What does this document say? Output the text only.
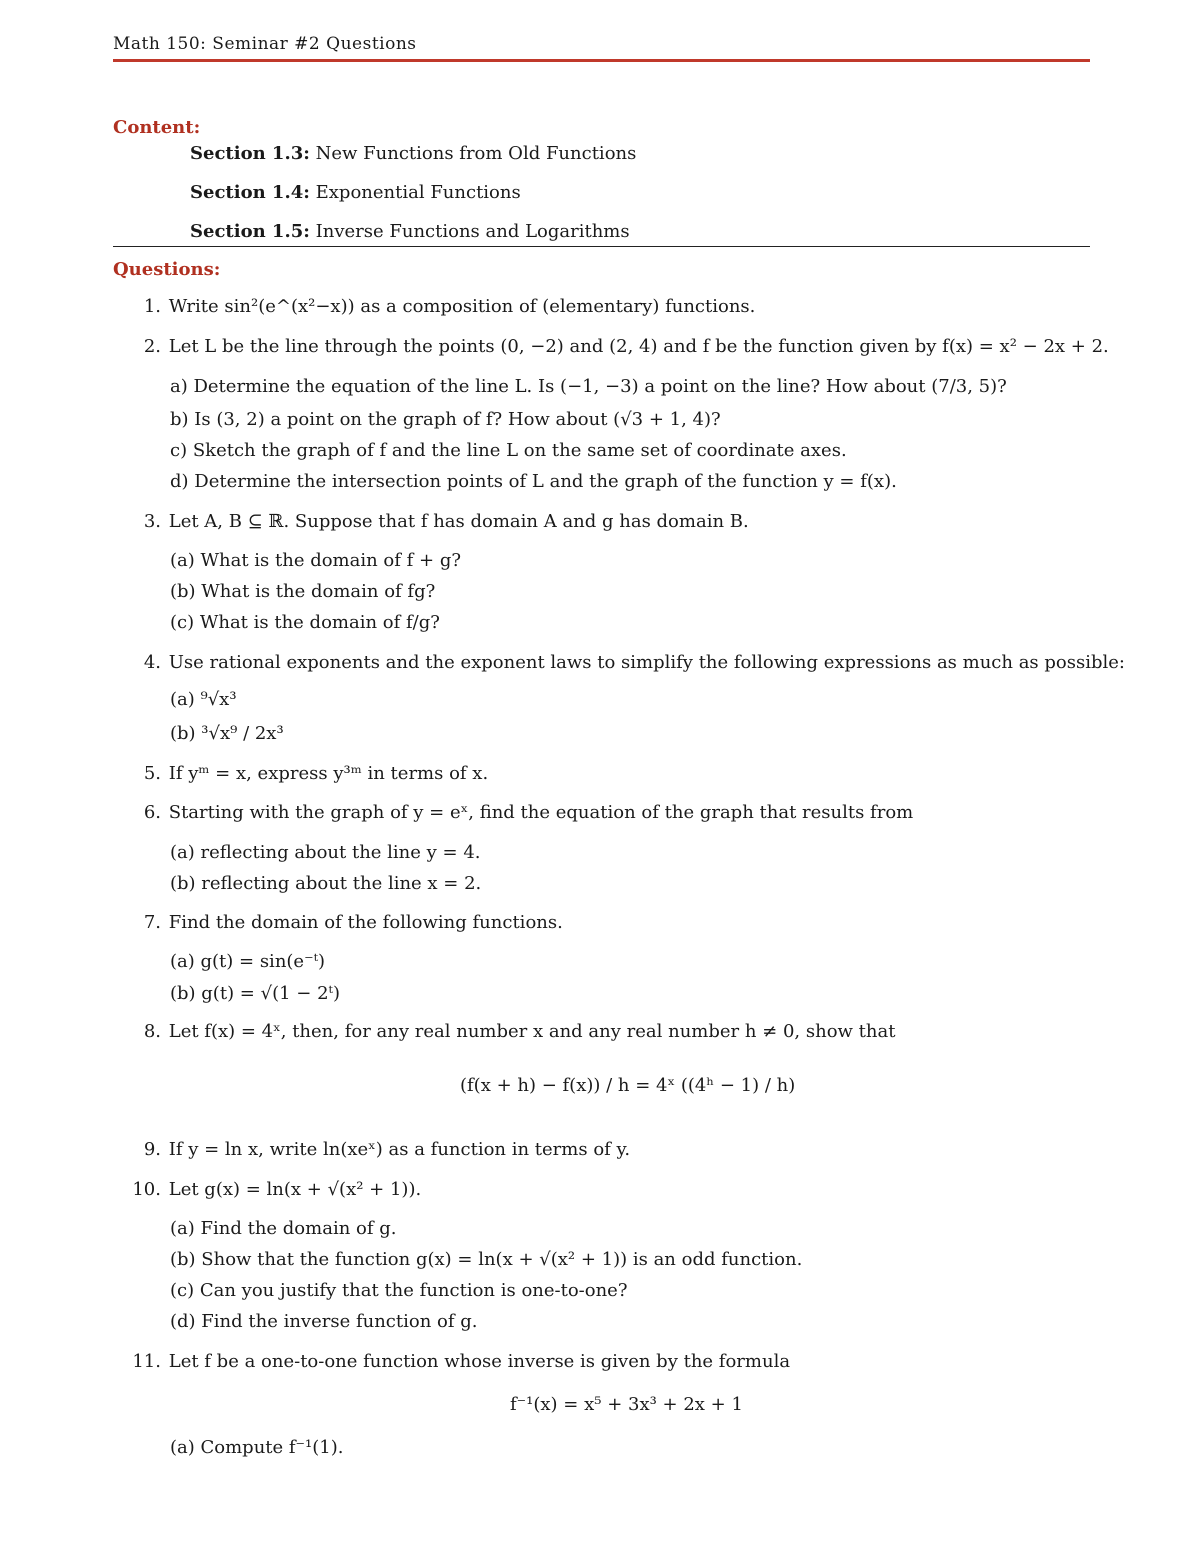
Math 150: Seminar #2 Questions
Content:
Section 1.3: New Functions from Old Functions
Section 1.4: Exponential Functions
Section 1.5: Inverse Functions and Logarithms
Questions:
1. Write sin²(e^(x²−x)) as a composition of (elementary) functions.
2. Let L be the line through the points (0, −2) and (2, 4) and f be the function given by f(x) = x² − 2x + 2.
a) Determine the equation of the line L. Is (−1, −3) a point on the line? How about (7/3, 5)?
b) Is (3, 2) a point on the graph of f? How about (√3 + 1, 4)?
c) Sketch the graph of f and the line L on the same set of coordinate axes.
d) Determine the intersection points of L and the graph of the function y = f(x).
3. Let A, B ⊆ ℝ. Suppose that f has domain A and g has domain B.
(a) What is the domain of f + g?
(b) What is the domain of fg?
(c) What is the domain of f/g?
4. Use rational exponents and the exponent laws to simplify the following expressions as much as possible:
(a) ⁹√x³
(b) ³√x⁹ / 2x³
5. If yᵐ = x, express y³ᵐ in terms of x.
6. Starting with the graph of y = eˣ, find the equation of the graph that results from
(a) reflecting about the line y = 4.
(b) reflecting about the line x = 2.
7. Find the domain of the following functions.
(a) g(t) = sin(e⁻ᵗ)
(b) g(t) = √(1 − 2ᵗ)
8. Let f(x) = 4ˣ, then, for any real number x and any real number h ≠ 0, show that
(f(x + h) − f(x)) / h = 4ˣ ((4ʰ − 1) / h)
9. If y = ln x, write ln(xeˣ) as a function in terms of y.
10. Let g(x) = ln(x + √(x² + 1)).
(a) Find the domain of g.
(b) Show that the function g(x) = ln(x + √(x² + 1)) is an odd function.
(c) Can you justify that the function is one-to-one?
(d) Find the inverse function of g.
11. Let f be a one-to-one function whose inverse is given by the formula
f⁻¹(x) = x⁵ + 3x³ + 2x + 1
(a) Compute f⁻¹(1).
